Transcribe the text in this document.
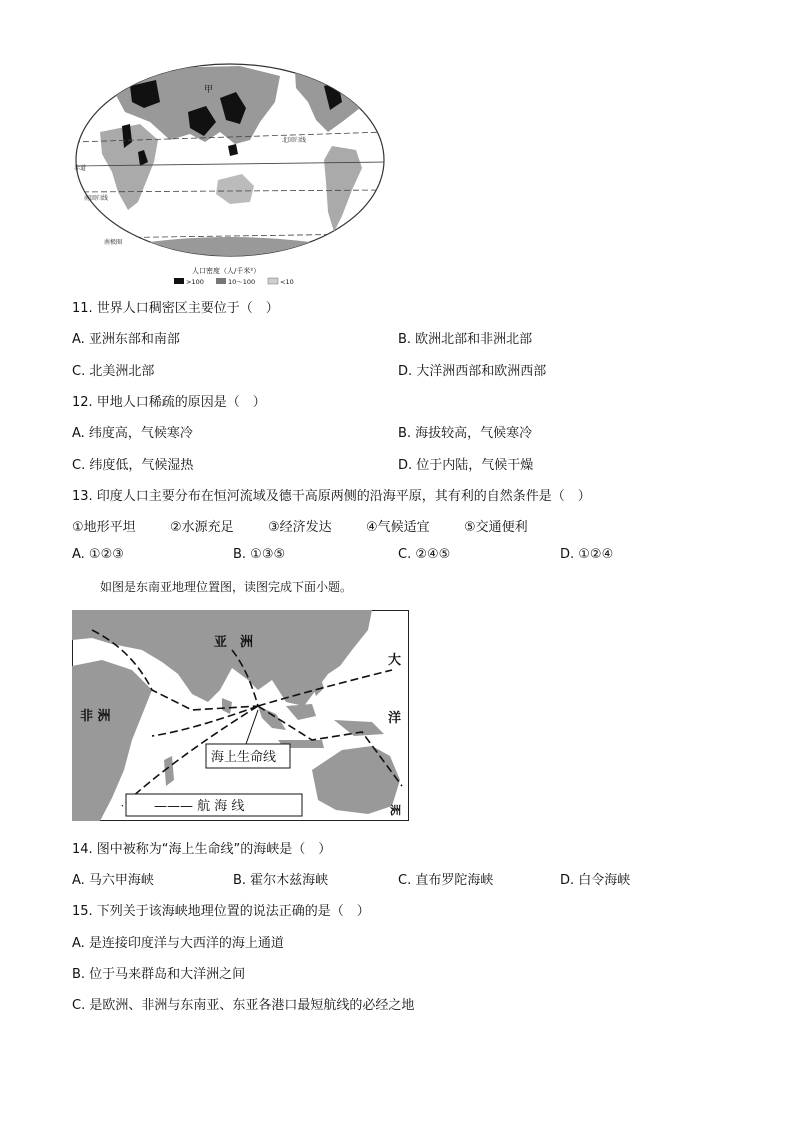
甲
北回归线
赤道
南回归线
南极圈
人口密度（人/千米²）
>100	10～100	<10
11. 世界人口稠密区主要位于（　）
A. 亚洲东部和南部	B. 欧洲北部和非洲北部
C. 北美洲北部	D. 大洋洲西部和欧洲西部
12. 甲地人口稀疏的原因是（　）
A. 纬度高，气候寒冷	B. 海拔较高，气候寒冷
C. 纬度低，气候湿热	D. 位于内陆，气候干燥
13. 印度人口主要分布在恒河流域及德干高原两侧的沿海平原，其有利的自然条件是（　）
①地形平坦	②水源充足	③经济发达	④气候适宜	⑤交通便利
A. ①②③	B. ①③⑤	C. ②④⑤	D. ①②④
如图是东南亚地理位置图，读图完成下面小题。
亚　洲
非 洲
大
洋
洲
海上生命线
——— 航 海 线
14. 图中被称为“海上生命线”的海峡是（　）
A. 马六甲海峡	B. 霍尔木兹海峡	C. 直布罗陀海峡	D. 白令海峡
15. 下列关于该海峡地理位置的说法正确的是（　）
A. 是连接印度洋与大西洋的海上通道
B. 位于马来群岛和大洋洲之间
C. 是欧洲、非洲与东南亚、东亚各港口最短航线的必经之地
